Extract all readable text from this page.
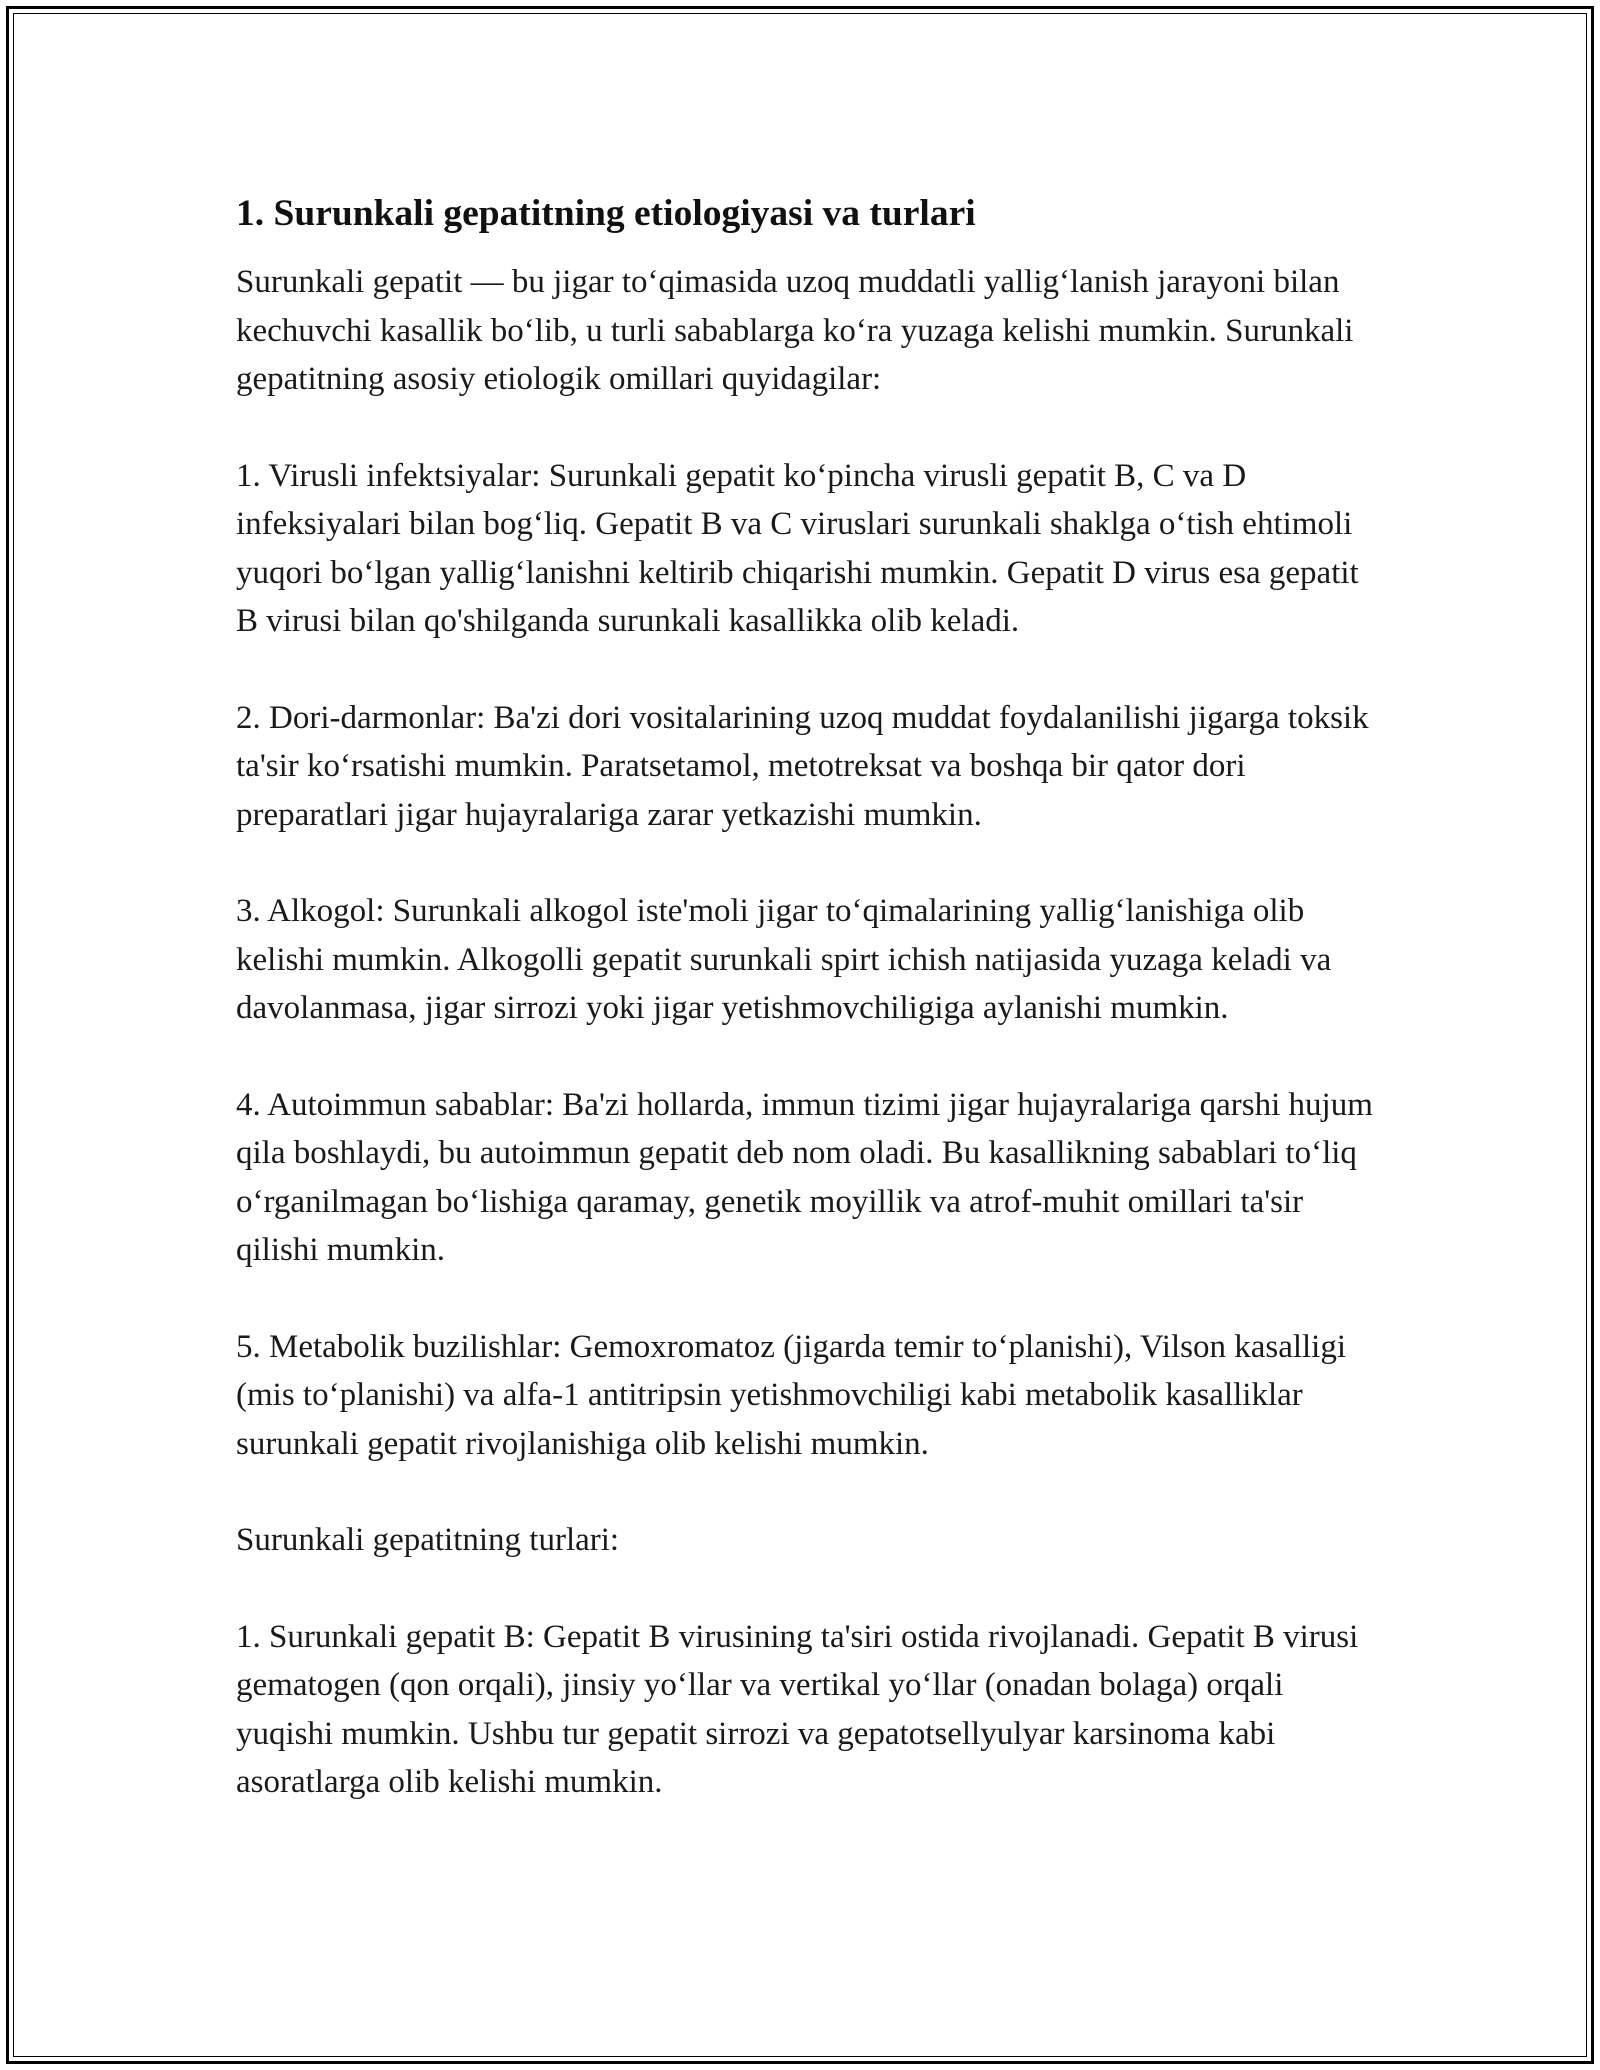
1. Surunkali gepatitning etiologiyasi va turlari

Surunkali gepatit — bu jigar to‘qimasida uzoq muddatli yallig‘lanish jarayoni bilan kechuvchi kasallik bo‘lib, u turli sabablarga ko‘ra yuzaga kelishi mumkin. Surunkali gepatitning asosiy etiologik omillari quyidagilar:

1. Virusli infektsiyalar: Surunkali gepatit ko‘pincha virusli gepatit B, C va D infeksiyalari bilan bog‘liq. Gepatit B va C viruslari surunkali shaklga o‘tish ehtimoli yuqori bo‘lgan yallig‘lanishni keltirib chiqarishi mumkin. Gepatit D virus esa gepatit B virusi bilan qo'shilganda surunkali kasallikka olib keladi.

2. Dori-darmonlar: Ba'zi dori vositalarining uzoq muddat foydalanilishi jigarga toksik ta'sir ko‘rsatishi mumkin. Paratsetamol, metotreksat va boshqa bir qator dori preparatlari jigar hujayralariga zarar yetkazishi mumkin.

3. Alkogol: Surunkali alkogol iste'moli jigar to‘qimalarining yallig‘lanishiga olib kelishi mumkin. Alkogolli gepatit surunkali spirt ichish natijasida yuzaga keladi va davolanmasa, jigar sirrozi yoki jigar yetishmovchiligiga aylanishi mumkin.

4. Autoimmun sabablar: Ba'zi hollarda, immun tizimi jigar hujayralariga qarshi hujum qila boshlaydi, bu autoimmun gepatit deb nom oladi. Bu kasallikning sabablari to‘liq o‘rganilmagan bo‘lishiga qaramay, genetik moyillik va atrof-muhit omillari ta'sir qilishi mumkin.

5. Metabolik buzilishlar: Gemoxromatoz (jigarda temir to‘planishi), Vilson kasalligi (mis to‘planishi) va alfa-1 antitripsin yetishmovchiligi kabi metabolik kasalliklar surunkali gepatit rivojlanishiga olib kelishi mumkin.

Surunkali gepatitning turlari:

1. Surunkali gepatit B: Gepatit B virusining ta'siri ostida rivojlanadi. Gepatit B virusi gematogen (qon orqali), jinsiy yo‘llar va vertikal yo‘llar (onadan bolaga) orqali yuqishi mumkin. Ushbu tur gepatit sirrozi va gepatotsellyulyar karsinoma kabi asoratlarga olib kelishi mumkin.
